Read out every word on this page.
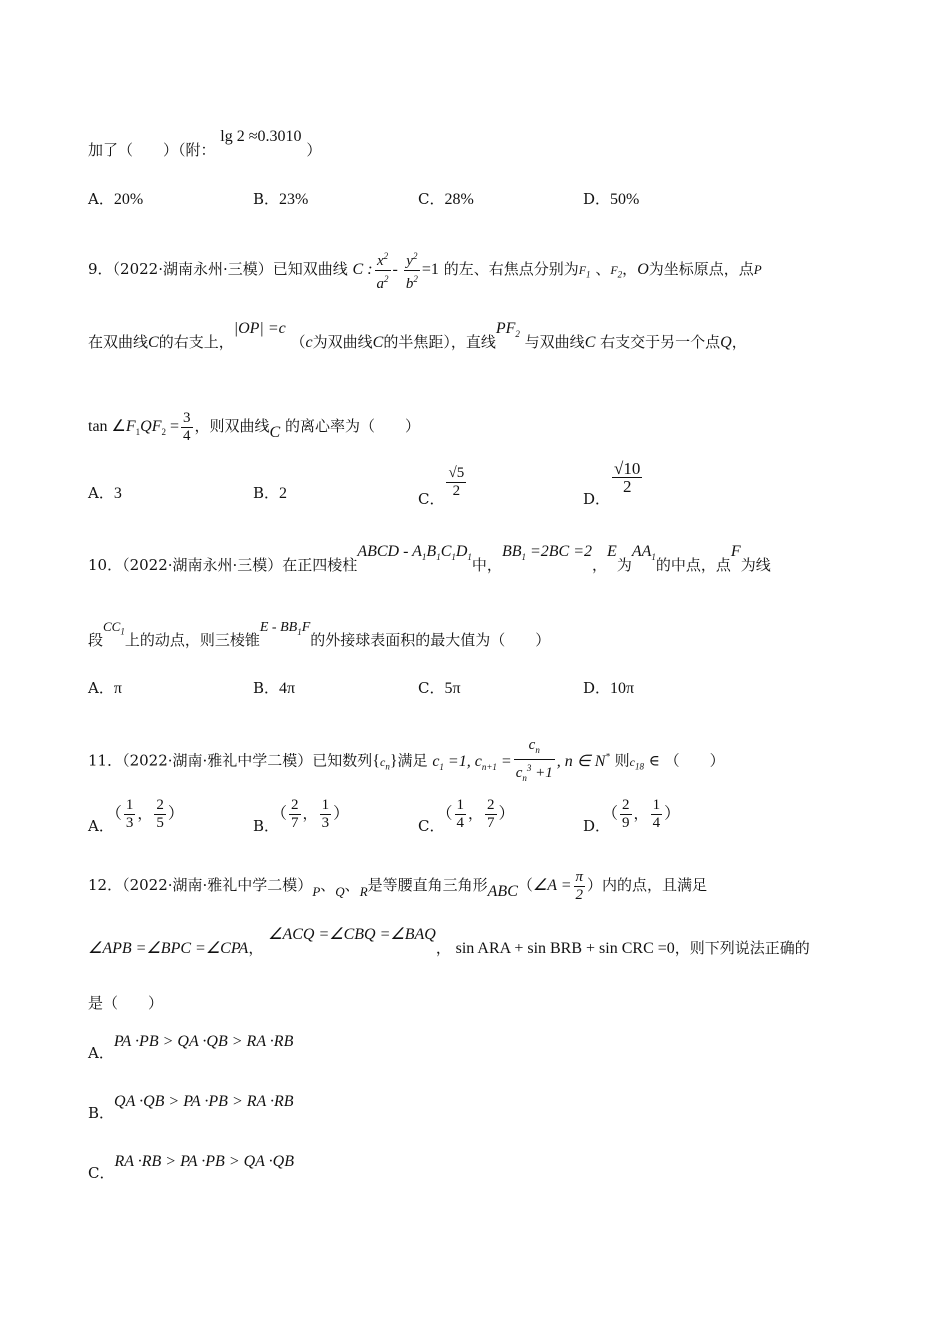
加了（　　）（附： lg 2 ≈0.3010 ）
A．20%	B．23%	C．28%	D．50%
9．（2022·湖南永州·三模）已知双曲线 C : $\frac{x^2}{a^2} - \frac{y^2}{b^2} =1$ 的左、右焦点分别为$F_1$ 、$F_2$，O为坐标原点，点P
在双曲线C的右支上，|OP| =c （c为双曲线C的半焦距），直线$PF_2$ 与双曲线C 右支交于另一个点Q，
$\tan \angle F_1QF_2 = \frac{3}{4}$ ，则双曲线C 的离心率为（　　）
A．3	B．2	C． $\frac{√5}{2}$	D．
$\frac{√10}{2}$
10．（2022·湖南永州·三模）在正四棱柱ABCD - $A_1B_1C_1D_1$中，$BB_1 =2BC =2$，E为$AA_1$的中点，点F为线
段$CC_1$上的动点，则三棱锥E - $BB_1F$的外接球表面积的最大值为（　　）
A．π	B．4π	C．5π	D．10π
11．（2022·湖南·雅礼中学二模）已知数列$\{c_n\}$满足 $c_1 =1$, $c_{n+1} = \frac{c_n}{c_n^3 +1}$ , n ∈ N* 则$c_{18}$ ∈ （　　）
A．（ $\frac{1}{3}$ ， $\frac{2}{5}$ ）
B．（ $\frac{2}{7}$ ， $\frac{1}{3}$ ）
C．（ $\frac{1}{4}$ ， $\frac{2}{7}$ ）
D．（ $\frac{2}{9}$ ， $\frac{1}{4}$ ）
12．（2022·湖南·雅礼中学二模）P、Q、R是等腰直角三角形ABC（∠A = $\frac{\pi}{2}$ ）内的点，且满足
∠APB =∠BPC =∠CPA， ∠ACQ =∠CBQ =∠BAQ， sin ARA + sin BRB + sin CRC =0，则下列说法正确的
是（　　）
A．PA ·PB > QA ·QB > RA ·RB
B．QA ·QB > PA ·PB > RA ·RB
C．RA ·RB > PA ·PB > QA ·QB
